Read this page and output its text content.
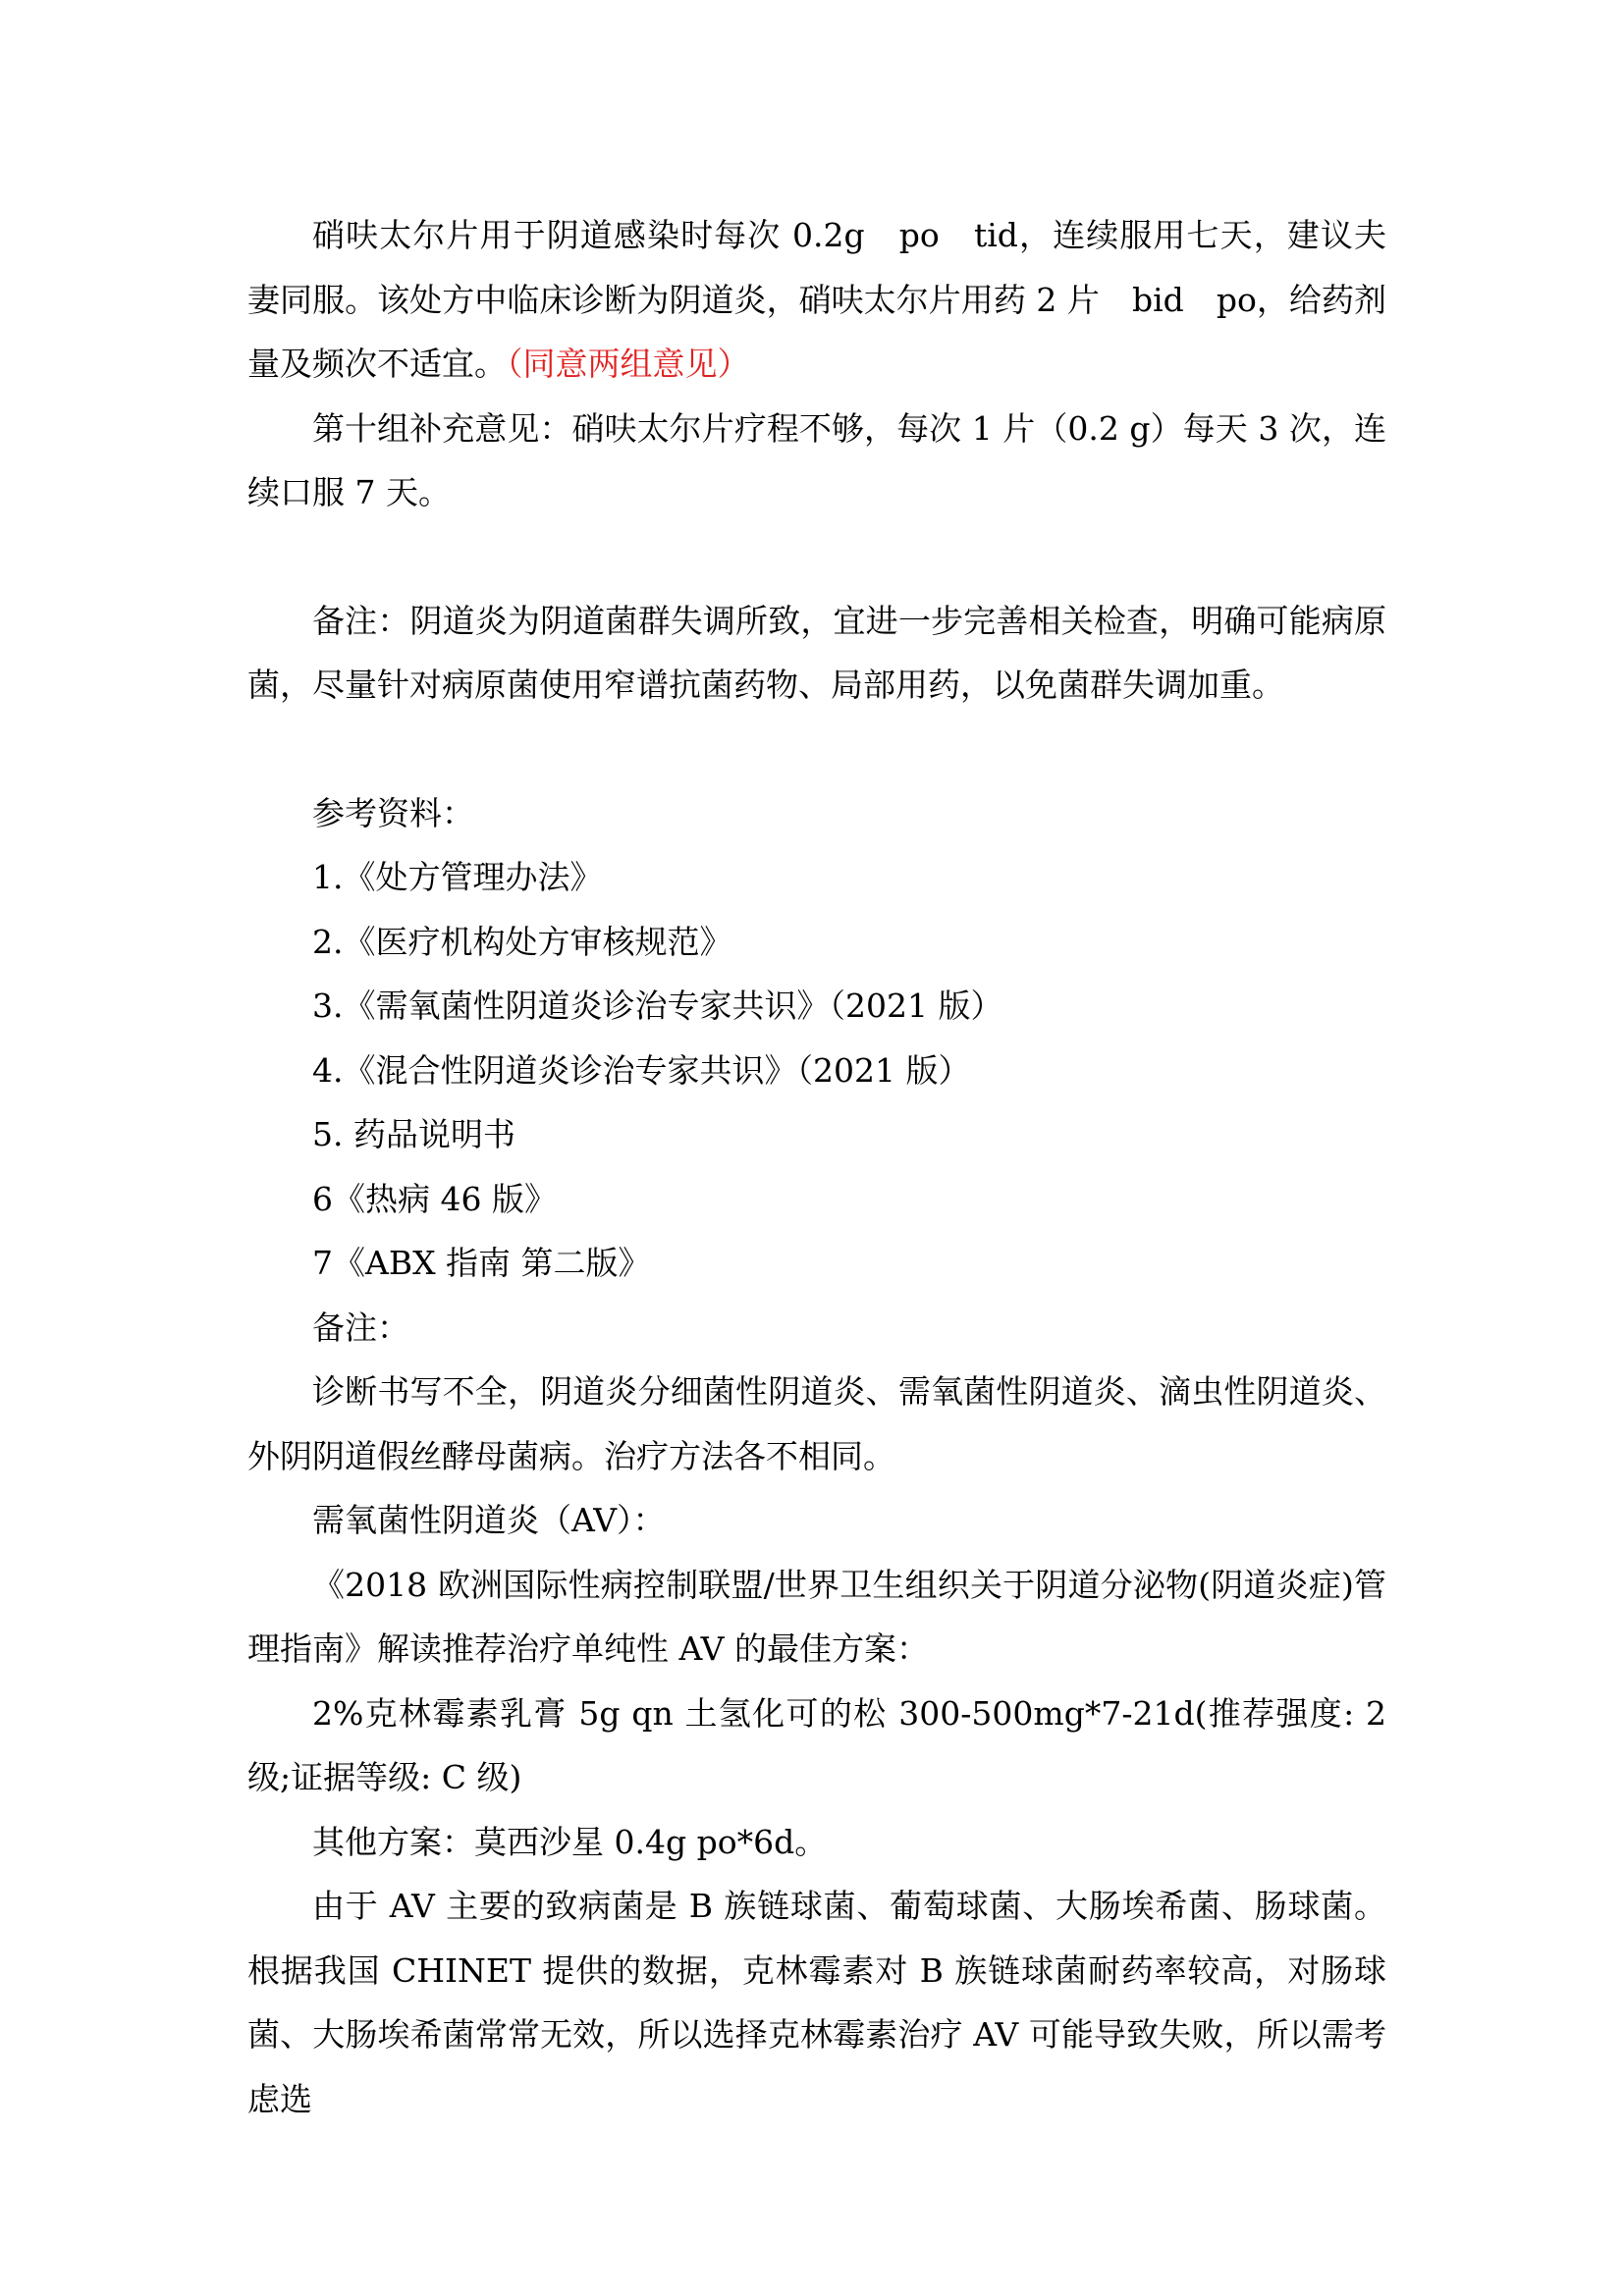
硝呋太尔片用于阴道感染时每次 0.2g　po　tid，连续服用七天，建议夫妻同服。该处方中临床诊断为阴道炎，硝呋太尔片用药 2 片　bid　po，给药剂量及频次不适宜。（同意两组意见）

第十组补充意见：硝呋太尔片疗程不够，每次 1 片（0.2 g）每天 3 次，连续口服 7 天。

备注：阴道炎为阴道菌群失调所致，宜进一步完善相关检查，明确可能病原菌，尽量针对病原菌使用窄谱抗菌药物、局部用药，以免菌群失调加重。

参考资料：

1.《处方管理办法》

2.《医疗机构处方审核规范》

3.《需氧菌性阴道炎诊治专家共识》（2021 版）

4.《混合性阴道炎诊治专家共识》（2021 版）

5. 药品说明书

6《热病 46 版》

7《ABX 指南 第二版》

备注：

诊断书写不全，阴道炎分细菌性阴道炎、需氧菌性阴道炎、滴虫性阴道炎、外阴阴道假丝酵母菌病。治疗方法各不相同。

需氧菌性阴道炎（AV）：

《2018 欧洲国际性病控制联盟/世界卫生组织关于阴道分泌物(阴道炎症)管理指南》解读推荐治疗单纯性 AV 的最佳方案：

2%克林霉素乳膏 5g qn 土氢化可的松 300-500mg*7-21d(推荐强度: 2 级;证据等级: C 级)

其他方案：莫西沙星 0.4g po*6d。

由于 AV 主要的致病菌是 B 族链球菌、葡萄球菌、大肠埃希菌、肠球菌。根据我国 CHINET 提供的数据，克林霉素对 B 族链球菌耐药率较高，对肠球菌、大肠埃希菌常常无效，所以选择克林霉素治疗 AV 可能导致失败，所以需考虑选
